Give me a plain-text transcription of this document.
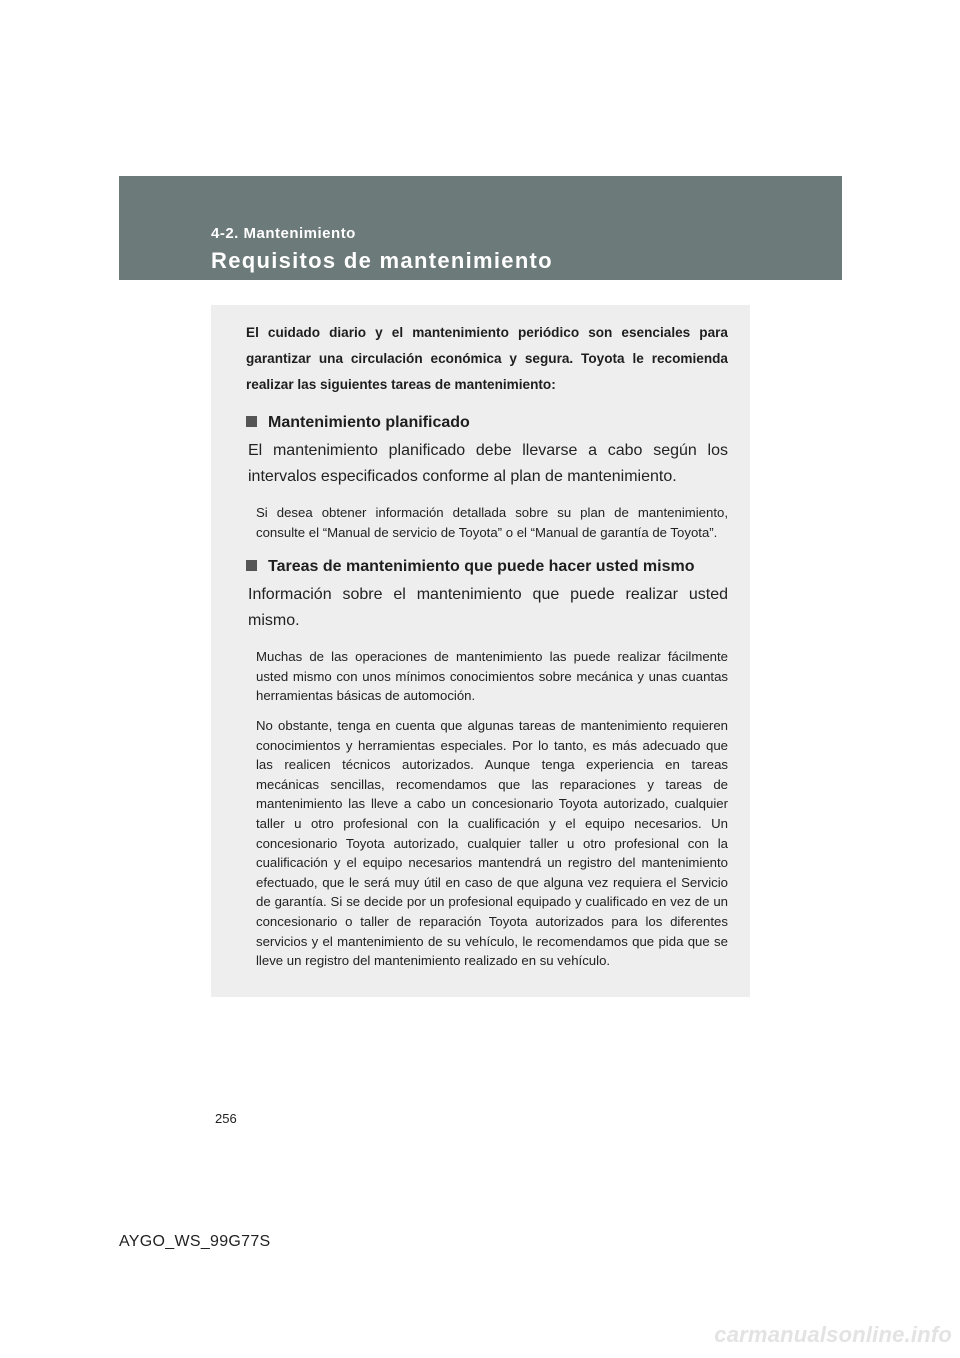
4-2. Mantenimiento

Requisitos de mantenimiento

El cuidado diario y el mantenimiento periódico son esenciales para garantizar una circulación económica y segura. Toyota le recomienda realizar las siguientes tareas de mantenimiento:

Mantenimiento planificado

El mantenimiento planificado debe llevarse a cabo según los intervalos especificados conforme al plan de mantenimiento.

Si desea obtener información detallada sobre su plan de mantenimiento, consulte el “Manual de servicio de Toyota” o el “Manual de garantía de Toyota”.

Tareas de mantenimiento que puede hacer usted mismo

Información sobre el mantenimiento que puede realizar usted mismo.

Muchas de las operaciones de mantenimiento las puede realizar fácilmente usted mismo con unos mínimos conocimientos sobre mecánica y unas cuantas herramientas básicas de automoción.

No obstante, tenga en cuenta que algunas tareas de mantenimiento requieren conocimientos y herramientas especiales. Por lo tanto, es más adecuado que las realicen técnicos autorizados. Aunque tenga experiencia en tareas mecánicas sencillas, recomendamos que las reparaciones y tareas de mantenimiento las lleve a cabo un concesionario Toyota autorizado, cualquier taller u otro profesional con la cualificación y el equipo necesarios. Un concesionario Toyota autorizado, cualquier taller u otro profesional con la cualificación y el equipo necesarios mantendrá un registro del mantenimiento efectuado, que le será muy útil en caso de que alguna vez requiera el Servicio de garantía. Si se decide por un profesional equipado y cualificado en vez de un concesionario o taller de reparación Toyota autorizados para los diferentes servicios y el mantenimiento de su vehículo, le recomendamos que pida que se lleve un registro del mantenimiento realizado en su vehículo.

256

AYGO_WS_99G77S

carmanualsonline.info
